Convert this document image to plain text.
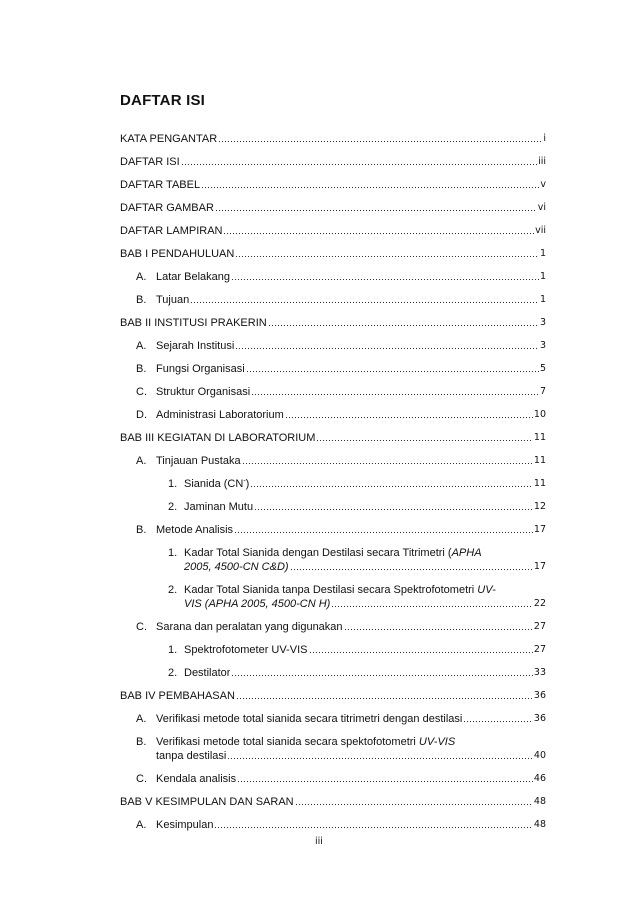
DAFTAR ISI
KATA PENGANTAR	i
DAFTAR ISI	iii
DAFTAR TABEL	v
DAFTAR GAMBAR	vi
DAFTAR LAMPIRAN	vii
BAB I PENDAHULUAN	1
A. Latar Belakang	1
B. Tujuan	1
BAB II INSTITUSI PRAKERIN	3
A. Sejarah Institusi	3
B. Fungsi Organisasi	5
C. Struktur Organisasi	7
D. Administrasi Laboratorium	10
BAB III KEGIATAN DI LABORATORIUM	11
A. Tinjauan Pustaka	11
1. Sianida (CN-)	11
2. Jaminan Mutu	12
B. Metode Analisis	17
1. Kadar Total Sianida dengan Destilasi secara Titrimetri (APHA
2005, 4500-CN C&D)	17
2. Kadar Total Sianida tanpa Destilasi secara Spektrofotometri UV-
VIS (APHA 2005, 4500-CN H)	22
C. Sarana dan peralatan yang digunakan	27
1. Spektrofotometer UV-VIS	27
2. Destilator	33
BAB IV PEMBAHASAN	36
A. Verifikasi metode total sianida secara titrimetri dengan destilasi	36
B. Verifikasi metode total sianida secara spektofotometri UV-VIS
tanpa destilasi	40
C. Kendala analisis	46
BAB V KESIMPULAN DAN SARAN	48
A. Kesimpulan	48
iii
